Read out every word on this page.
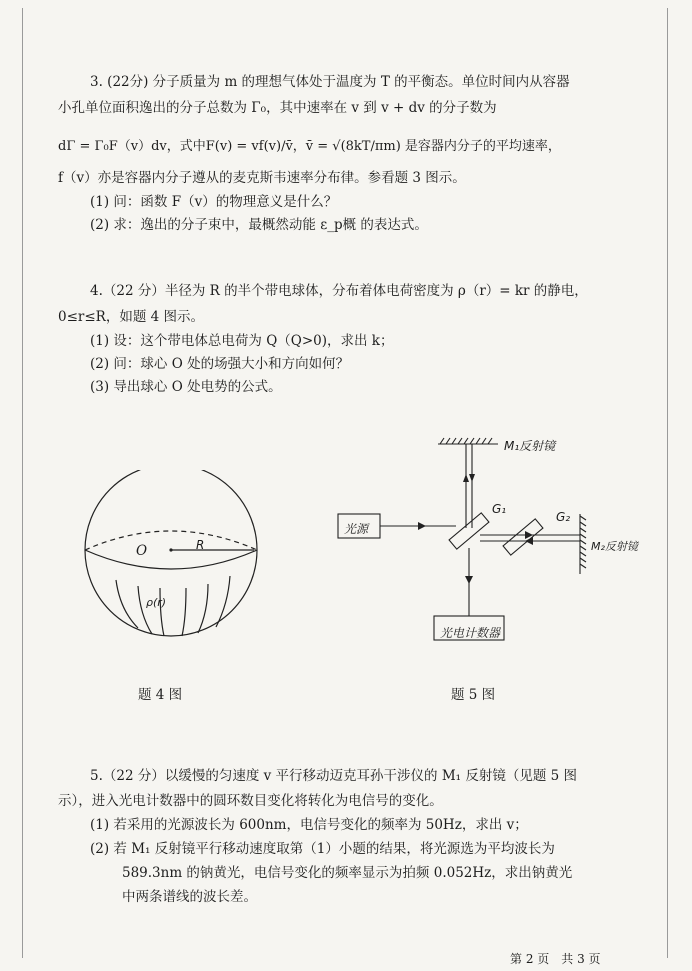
3. (22分) 分子质量为 m 的理想气体处于温度为 T 的平衡态。单位时间内从容器
小孔单位面积逸出的分子总数为 Γ₀，其中速率在 v 到 v + dv 的分子数为
dΓ = Γ₀F（v）dv，式中F(v) = vf(v)/v̄，v̄ = √(8kT/πm) 是容器内分子的平均速率，
f（v）亦是容器内分子遵从的麦克斯韦速率分布律。参看题 3 图示。
(1) 问：函数 F（v）的物理意义是什么？
(2) 求：逸出的分子束中，最概然动能 ε_p概 的表达式。
4.（22 分）半径为 R 的半个带电球体，分布着体电荷密度为 ρ（r）= kr 的静电，
0≤r≤R，如题 4 图示。
(1) 设：这个带电体总电荷为 Q（Q>0)，求出 k；
(2) 问：球心 O 处的场强大小和方向如何？
(3) 导出球心 O 处电势的公式。
O	R
ρ(r)
题 4 图
M₁反射镜
G₁
G₂
M₂反射镜
光源
光电计数器
题 5 图
5.（22 分）以缓慢的匀速度 v 平行移动迈克耳孙干涉仪的 M₁ 反射镜（见题 5 图
示），进入光电计数器中的圆环数目变化将转化为电信号的变化。
(1) 若采用的光源波长为 600nm，电信号变化的频率为 50Hz，求出 v；
(2) 若 M₁ 反射镜平行移动速度取第（1）小题的结果，将光源选为平均波长为
589.3nm 的钠黄光，电信号变化的频率显示为拍频 0.052Hz，求出钠黄光
中两条谱线的波长差。
第 2 页　共 3 页
